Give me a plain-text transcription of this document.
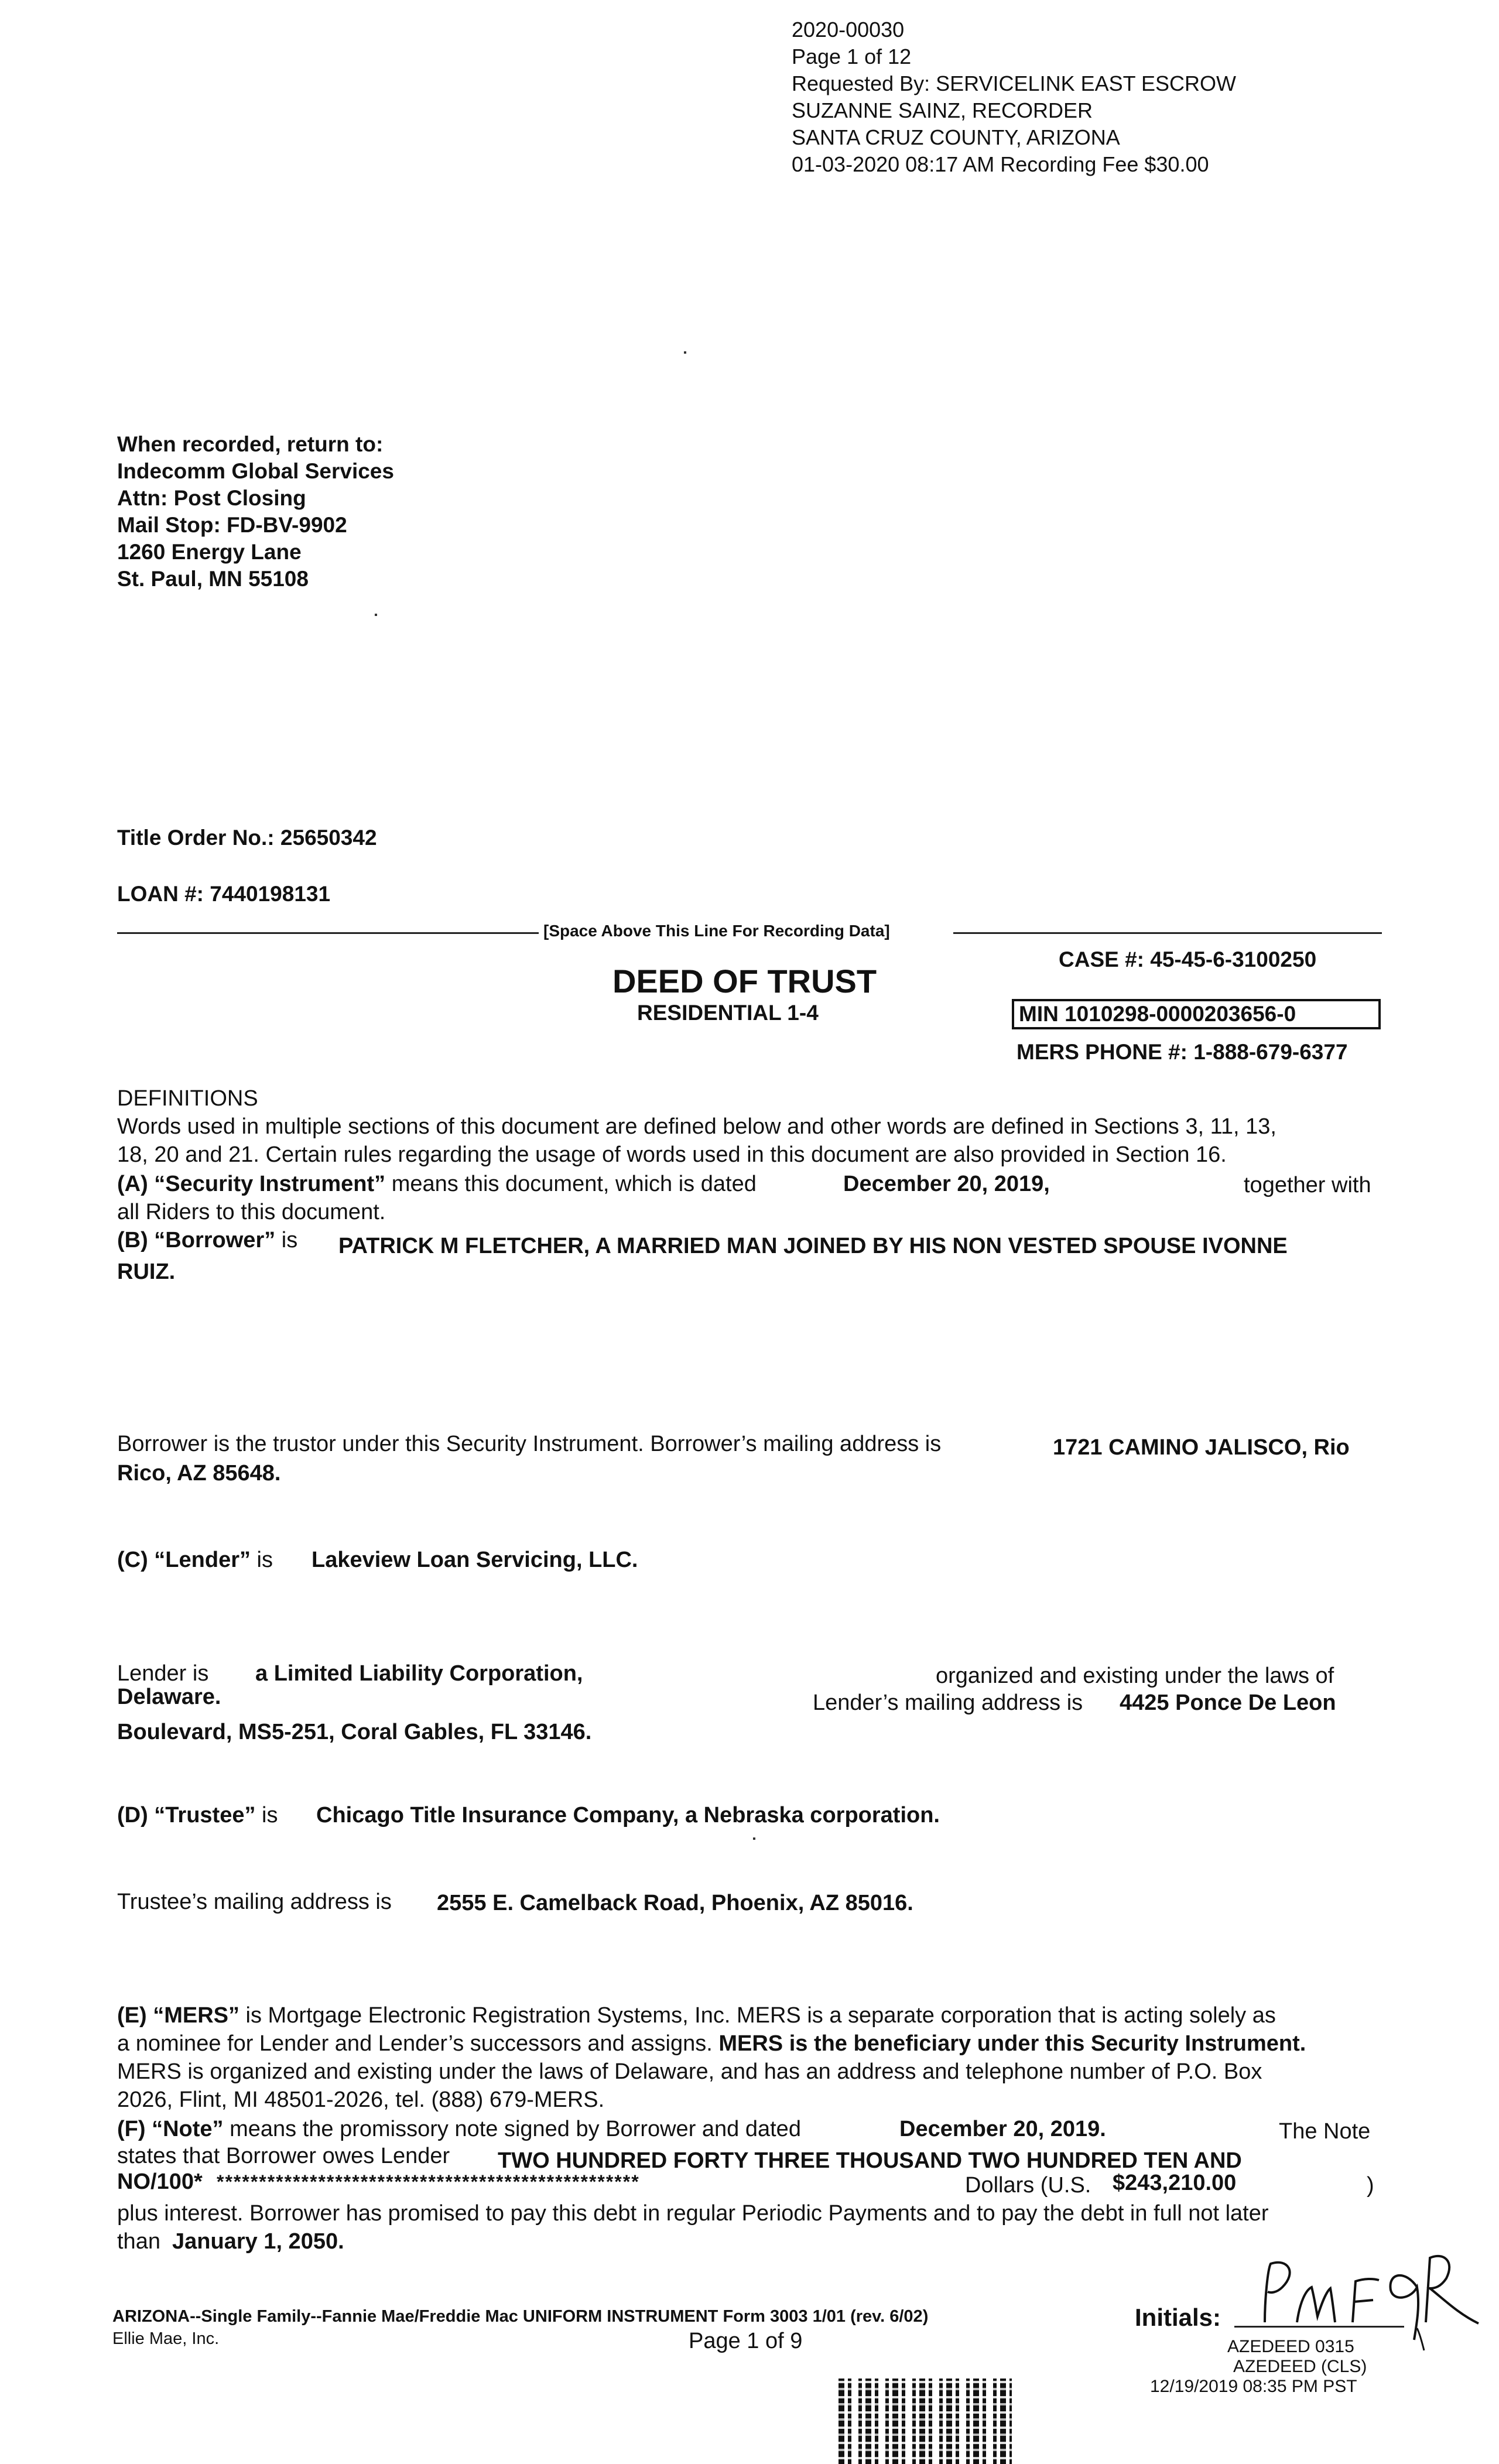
2020-00030
Page 1 of 12
Requested By: SERVICELINK EAST ESCROW
SUZANNE SAINZ, RECORDER
SANTA CRUZ COUNTY, ARIZONA
01-03-2020 08:17 AM Recording Fee $30.00
When recorded, return to:
Indecomm Global Services
Attn: Post Closing
Mail Stop: FD-BV-9902
1260 Energy Lane
St. Paul, MN 55108
Title Order No.: 25650342
LOAN #: 7440198131
[Space Above This Line For Recording Data]
CASE #: 45-45-6-3100250
DEED OF TRUST
RESIDENTIAL 1-4	MIN 1010298-0000203656-0
MERS PHONE #: 1-888-679-6377
DEFINITIONS
Words used in multiple sections of this document are defined below and other words are defined in Sections 3, 11, 13,
18, 20 and 21. Certain rules regarding the usage of words used in this document are also provided in Section 16.
(A) “Security Instrument” means this document, which is dated	December 20, 2019,	together with
all Riders to this document.
(B) “Borrower” is PATRICK M FLETCHER, A MARRIED MAN JOINED BY HIS NON VESTED SPOUSE IVONNE
RUIZ.
Borrower is the trustor under this Security Instrument. Borrower’s mailing address is	1721 CAMINO JALISCO, Rio
Rico, AZ 85648.
(C) “Lender” is Lakeview Loan Servicing, LLC.
Lender is a Limited Liability Corporation,	organized and existing under the laws of
Delaware.	Lender’s mailing address is 4425 Ponce De Leon
Boulevard, MS5-251, Coral Gables, FL 33146.
(D) “Trustee” is Chicago Title Insurance Company, a Nebraska corporation.
Trustee’s mailing address is 2555 E. Camelback Road, Phoenix, AZ 85016.
(E) “MERS” is Mortgage Electronic Registration Systems, Inc. MERS is a separate corporation that is acting solely as
a nominee for Lender and Lender’s successors and assigns. MERS is the beneficiary under this Security Instrument.
MERS is organized and existing under the laws of Delaware, and has an address and telephone number of P.O. Box
2026, Flint, MI 48501-2026, tel. (888) 679-MERS.
(F) “Note” means the promissory note signed by Borrower and dated	December 20, 2019.	The Note
states that Borrower owes Lender TWO HUNDRED FORTY THREE THOUSAND TWO HUNDRED TEN AND
NO/100* **************************************************	Dollars (U.S. $243,210.00	)
plus interest. Borrower has promised to pay this debt in regular Periodic Payments and to pay the debt in full not later
than January 1, 2050.
ARIZONA--Single Family--Fannie Mae/Freddie Mac UNIFORM INSTRUMENT Form 3003 1/01 (rev. 6/02)
Ellie Mae, Inc.	Page 1 of 9
Initials:
AZEDEED 0315
AZEDEED (CLS)
12/19/2019 08:35 PM PST
